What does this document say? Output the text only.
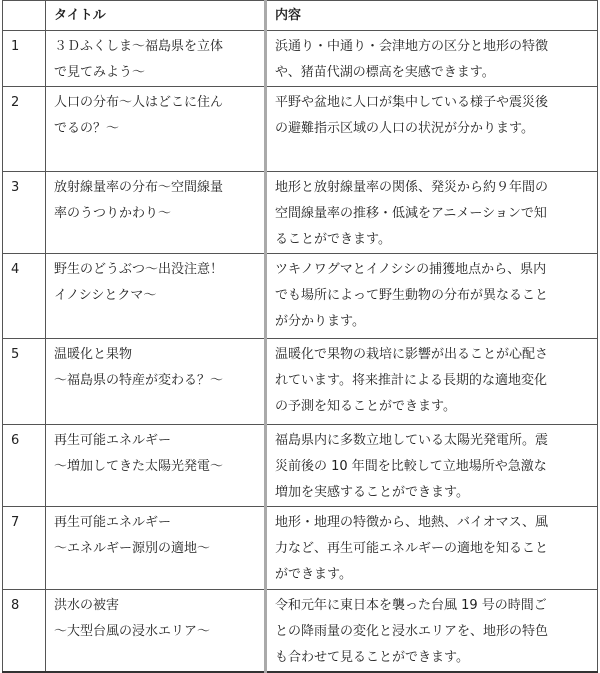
	タイトル	内容
1	３Ｄふくしま～福島県を立体
で見てみよう～	浜通り・中通り・会津地方の区分と地形の特徴
や、猪苗代湖の標高を実感できます。

2	人口の分布～人はどこに住ん
でるの？～	平野や盆地に人口が集中している様子や震災後
の避難指示区域の人口の状況が分かります。

3	放射線量率の分布～空間線量
率のうつりかわり～	地形と放射線量率の関係、発災から約９年間の
空間線量率の推移・低減をアニメーションで知
ることができます。

4	野生のどうぶつ～出没注意！
イノシシとクマ～	ツキノワグマとイノシシの捕獲地点から、県内
でも場所によって野生動物の分布が異なること
が分かります。

5	温暖化と果物
～福島県の特産が変わる？～	温暖化で果物の栽培に影響が出ることが心配さ
れています。将来推計による長期的な適地変化
の予測を知ることができます。

6	再生可能エネルギー
～増加してきた太陽光発電～	福島県内に多数立地している太陽光発電所。震
災前後の 10 年間を比較して立地場所や急激な
増加を実感することができます。

7	再生可能エネルギー
～エネルギー源別の適地～	地形・地理の特徴から、地熱、バイオマス、風
力など、再生可能エネルギーの適地を知ること
ができます。

8	洪水の被害
～大型台風の浸水エリア～	令和元年に東日本を襲った台風 19 号の時間ご
との降雨量の変化と浸水エリアを、地形の特色
も合わせて見ることができます。
